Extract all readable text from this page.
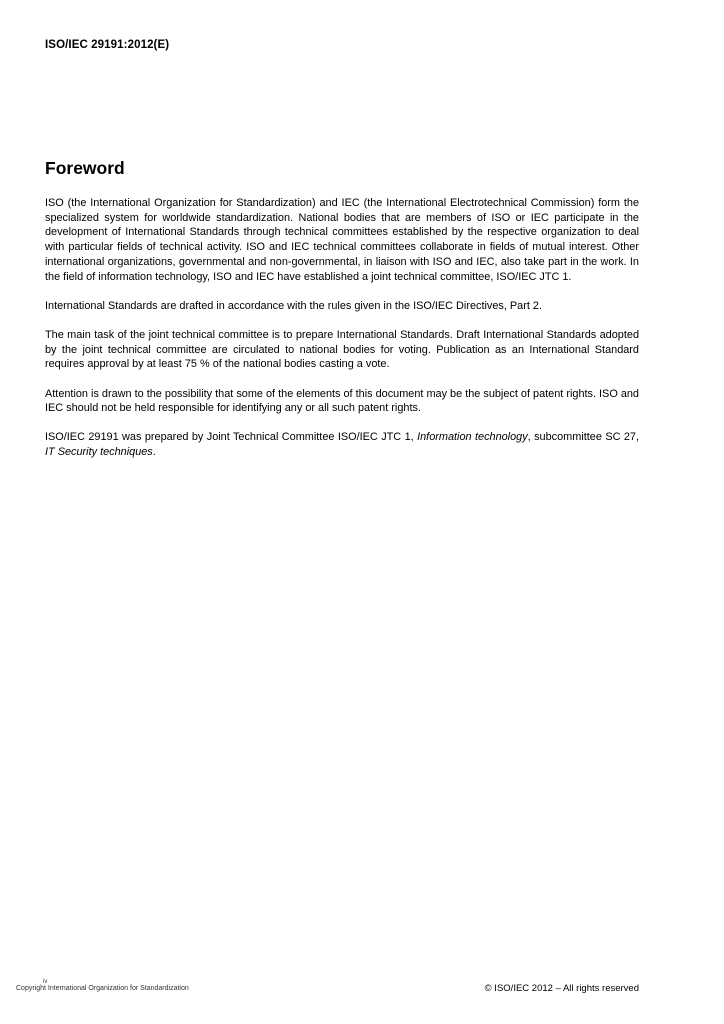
ISO/IEC 29191:2012(E)
Foreword

ISO (the International Organization for Standardization) and IEC (the International Electrotechnical Commission) form the specialized system for worldwide standardization. National bodies that are members of ISO or IEC participate in the development of International Standards through technical committees established by the respective organization to deal with particular fields of technical activity. ISO and IEC technical committees collaborate in fields of mutual interest. Other international organizations, governmental and non-governmental, in liaison with ISO and IEC, also take part in the work. In the field of information technology, ISO and IEC have established a joint technical committee, ISO/IEC JTC 1.

International Standards are drafted in accordance with the rules given in the ISO/IEC Directives, Part 2.

The main task of the joint technical committee is to prepare International Standards. Draft International Standards adopted by the joint technical committee are circulated to national bodies for voting. Publication as an International Standard requires approval by at least 75 % of the national bodies casting a vote.

Attention is drawn to the possibility that some of the elements of this document may be the subject of patent rights. ISO and IEC should not be held responsible for identifying any or all such patent rights.

ISO/IEC 29191 was prepared by Joint Technical Committee ISO/IEC JTC 1, Information technology, subcommittee SC 27, IT Security techniques.

iv
Copyright International Organization for Standardization	© ISO/IEC 2012 – All rights reserved
